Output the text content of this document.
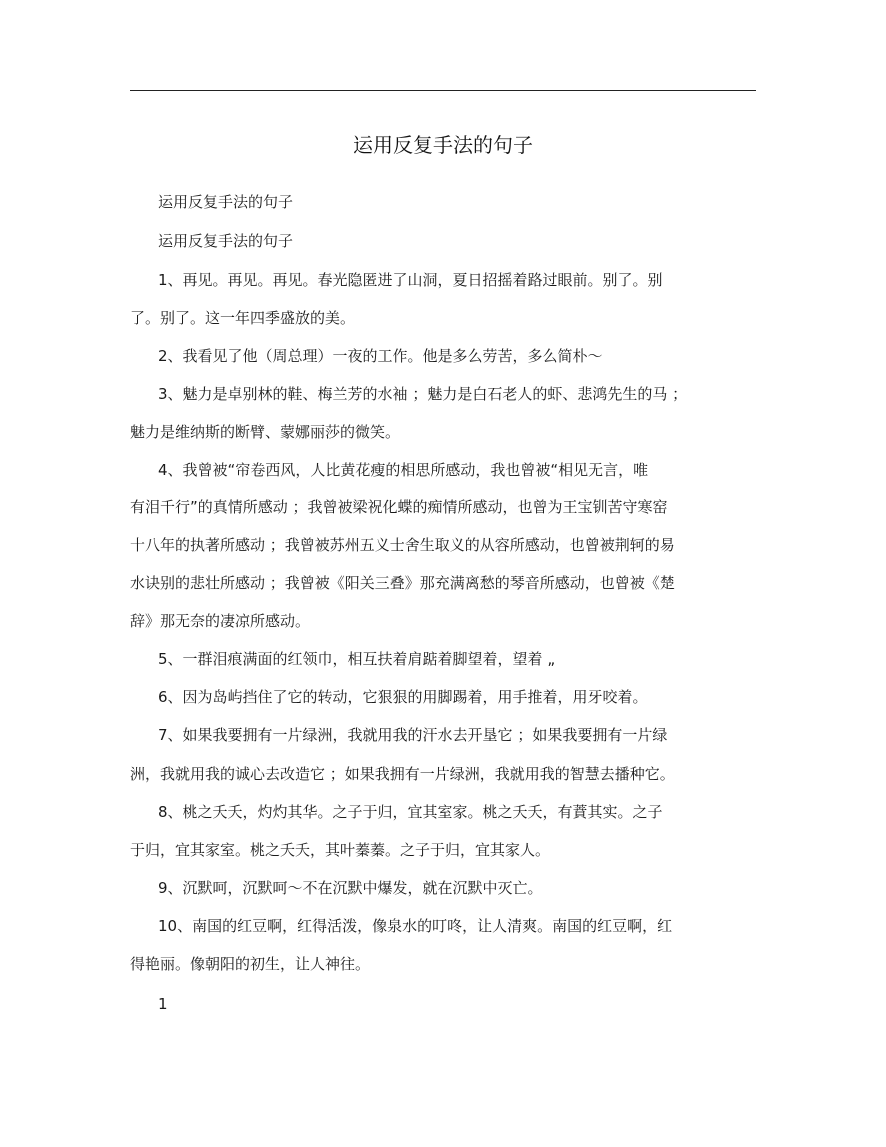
运用反复手法的句子
运用反复手法的句子
运用反复手法的句子
1、再见。再见。再见。春光隐匿进了山洞，夏日招摇着路过眼前。别了。别
了。别了。这一年四季盛放的美。
2、我看见了他（周总理）一夜的工作。他是多么劳苦，多么简朴～
3、魅力是卓别林的鞋、梅兰芳的水袖 ；魅力是白石老人的虾、悲鸿先生的马 ；
魅力是维纳斯的断臂、蒙娜丽莎的微笑。
4、我曾被“帘卷西风，人比黄花瘦的相思所感动，我也曾被“相见无言，唯
有泪千行”的真情所感动 ；我曾被梁祝化蝶的痴情所感动，也曾为王宝钏苦守寒窑
十八年的执著所感动 ；我曾被苏州五义士舍生取义的从容所感动，也曾被荆轲的易
水诀别的悲壮所感动 ；我曾被《阳关三叠》那充满离愁的琴音所感动，也曾被《楚
辞》那无奈的凄凉所感动。
5、一群泪痕满面的红领巾，相互扶着肩踮着脚望着，望着 „
6、因为岛屿挡住了它的转动，它狠狠的用脚踢着，用手推着，用牙咬着。
7、如果我要拥有一片绿洲，我就用我的汗水去开垦它 ；如果我要拥有一片绿
洲，我就用我的诚心去改造它 ；如果我拥有一片绿洲，我就用我的智慧去播种它。
8、桃之夭夭，灼灼其华。之子于归，宜其室家。桃之夭夭，有蕡其实。之子
于归，宜其家室。桃之夭夭，其叶蓁蓁。之子于归，宜其家人。
9、沉默呵，沉默呵～不在沉默中爆发，就在沉默中灭亡。
10、南国的红豆啊，红得活泼，像泉水的叮咚，让人清爽。南国的红豆啊，红
得艳丽。像朝阳的初生，让人神往。
1
